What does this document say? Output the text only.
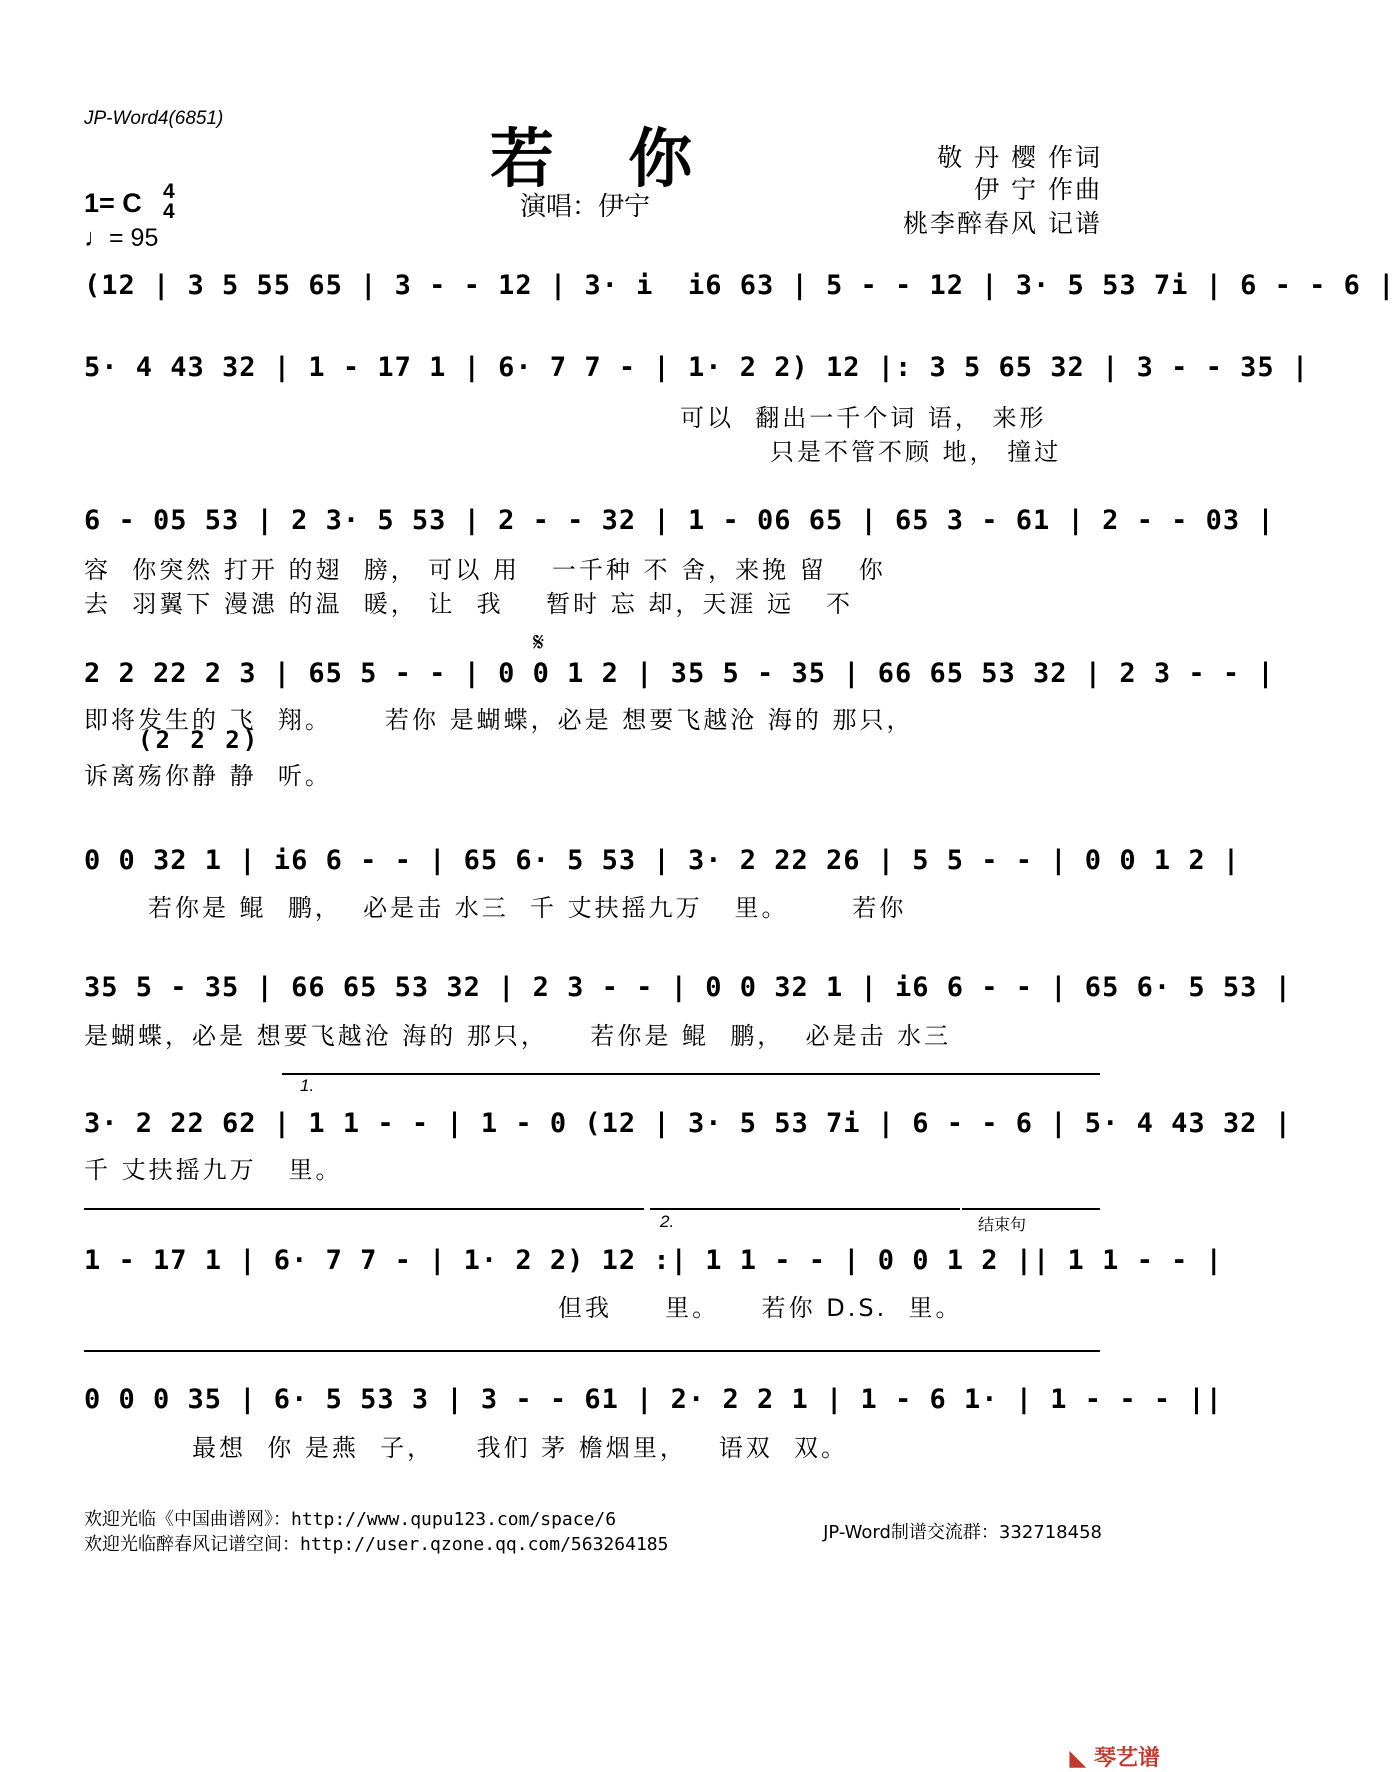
JP-Word4(6851)
若 你
演唱：伊宁
敬 丹 樱 作词
伊 宁 作曲
桃李醉春风 记谱
1= C 4
4
♩= 95
(12 | 3 5 55 65 | 3 - - 12 | 3· i  i6 63 | 5 - - 12 | 3· 5 53 7i | 6 - - 6 |
5· 4 43 32 | 1 - 17 1 | 6· 7 7 - | 1· 2 2) 12 |: 3 5 65 32 | 3 - - 35 |
可以  翻出一千个词 语， 来形
只是不管不顾 地， 撞过
6 - 05 53 | 2 3· 5 53 | 2 - - 32 | 1 - 06 65 | 65 3 - 61 | 2 - - 03 |
容  你突然 打开 的翅  膀， 可以 用   一千种 不 舍，来挽 留   你
去  羽翼下 漫漶 的温  暖， 让  我    暂时 忘 却，天涯 远   不
𝄋
2 2 22 2 3 | 65 5 - - | 0 0 1 2 | 35 5 - 35 | 66 65 53 32 | 2 3 - - |
即将发生的 飞  翔。     若你 是蝴蝶，必是 想要飞越沧 海的 那只，
(2 2 2)
诉离殇你静 静  听。
0 0 32 1 | i6 6 - - | 65 6· 5 53 | 3· 2 22 26 | 5 5 - - | 0 0 1 2 |
若你是 鲲  鹏，  必是击 水三  千 丈扶摇九万   里。      若你
35 5 - 35 | 66 65 53 32 | 2 3 - - | 0 0 32 1 | i6 6 - - | 65 6· 5 53 |
是蝴蝶，必是 想要飞越沧 海的 那只，    若你是 鲲  鹏，  必是击 水三
1.
3· 2 22 62 | 1 1 - - | 1 - 0 (12 | 3· 5 53 7i | 6 - - 6 | 5· 4 43 32 |
千 丈扶摇九万   里。
2.	结束句
1 - 17 1 | 6· 7 7 - | 1· 2 2) 12 :| 1 1 - - | 0 0 1 2 || 1 1 - - |
但我     里。    若你 D.S.  里。
0 0 0 35 | 6· 5 53 3 | 3 - - 61 | 2· 2 2 1 | 1 - 6 1· | 1 - - - ||
最想  你 是燕  子，    我们 茅 檐烟里，   语双  双。
欢迎光临《中国曲谱网》：http://www.qupu123.com/space/6
欢迎光临醉春风记谱空间：http://user.qzone.qq.com/563264185
JP-Word制谱交流群：332718458

◣ 琴艺谱
